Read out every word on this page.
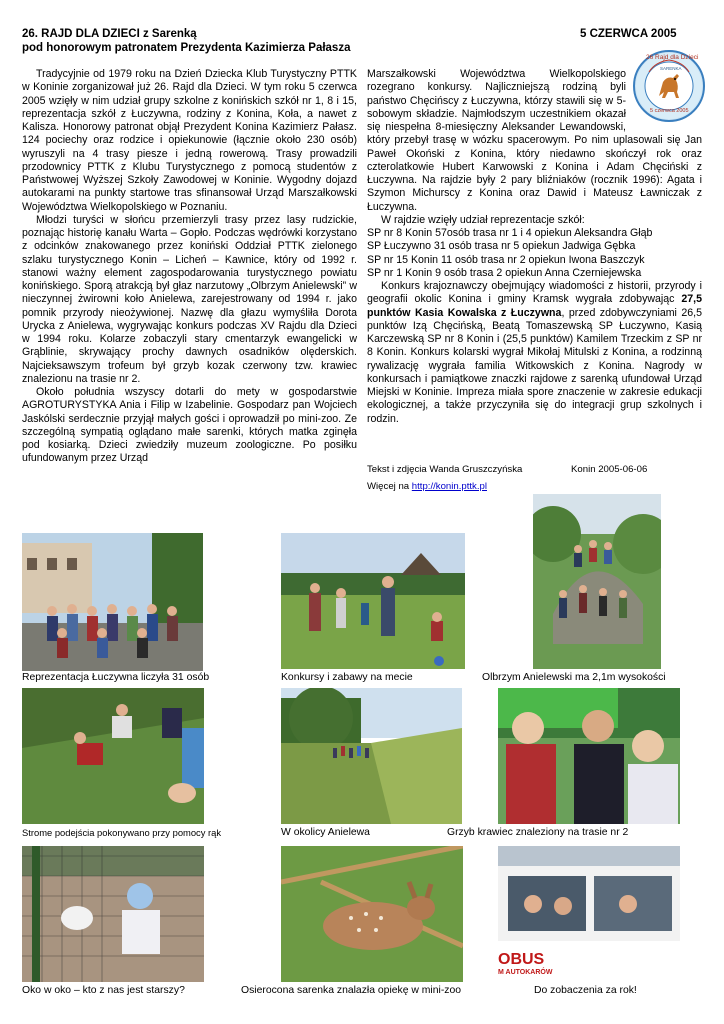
26. RAJD DLA DZIECI z Sarenką	5 CZERWCA 2005
pod honorowym patronatem Prezydenta Kazimierza Pałasza

Tradycyjnie od 1979 roku na Dzień Dziecka Klub Turystyczny PTTK w Koninie zorganizował już 26. Rajd dla Dzieci. W tym roku 5 czerwca 2005 wzięły w nim udział grupy szkolne z konińskich szkół nr 1, 8 i 15, reprezentacja szkół z Łuczywna, rodziny z Konina, Koła, a nawet z Kalisza. Honorowy patronat objął Prezydent Konina Kazimierz Pałasz. 124 pociechy oraz rodzice i opiekunowie (łącznie około 230 osób) wyruszyli na 4 trasy piesze i jedną rowerową. Trasy prowadzili przodownicy PTTK z Klubu Turystycznego z pomocą studentów z Państwowej Wyższej Szkoły Zawodowej w Koninie. Wygodny dojazd autokarami na punkty startowe tras sfinansował Urząd Marszałkowski Województwa Wielkopolskiego w Poznaniu.

Młodzi turyści w słońcu przemierzyli trasy przez lasy rudzickie, poznając historię kanału Warta – Gopło. Podczas wędrówki korzystano z odcinków znakowanego przez koniński Oddział PTTK zielonego szlaku turystycznego Konin – Licheń – Kawnice, który od 1992 r. stanowi ważny element zagospodarowania turystycznego powiatu konińskiego. Sporą atrakcją był głaz narzutowy „Olbrzym Anielewski” w nieczynnej żwirowni koło Anielewa, zarejestrowany od 1994 r. jako pomnik przyrody nieożywionej. Nazwę dla głazu wymyśliła Dorota Urycka z Anielewa, wygrywając konkurs podczas XV Rajdu dla Dzieci w 1994 roku. Kolarze zobaczyli stary cmentarzyk ewangelicki w Grąblinie, skrywający prochy dawnych osadników olęderskich. Najcieksawszym trofeum był grzyb kozak czerwony tzw. krawiec znalezionu na trasie nr 2.

Około południa wszyscy dotarli do mety w gospodarstwie AGROTURYSTYKA Ania i Filip w Izabelinie. Gospodarz pan Wojciech Jaskólski serdecznie przyjął małych gości i oprowadził po mini-zoo. Ze szczególną sympatią oglądano małe sarenki, których matka zginęła pod kosiarką. Dzieci zwiedziły muzeum zoologiczne. Po posiłku ufundowanym przez Urząd

26 Rajd dla Dzieci
5 czerwca 2005
SARENKA

Marszałkowski Województwa Wielkopolskiego rozegrano konkursy. Najliczniejszą rodziną byli państwo Chęcińscy z Łuczywna, którzy stawili się w 5-sobowym składzie. Najmłodszym uczestnikiem okazał się niespełna 8-miesięczny Aleksander Lewandowski, który przebył trasę w wózku spacerowym. Po nim uplasowali się Jan Paweł Okoński z Konina, który niedawno skończył rok oraz czterolatkowie Hubert Karwowski z Konina i Adam Chęciński z Łuczywna. Na rajdzie były 2 pary bliźniaków (rocznik 1996): Agata i Szymon Michurscy z Konina oraz Dawid i Mateusz Ławniczak z Łuczywna.

W rajdzie wzięły udział reprezentacje szkół:

SP nr 8 Konin 57osób trasa nr 1 i 4 opiekun Aleksandra Głąb

SP Łuczywno 31 osób trasa nr 5 opiekun Jadwiga Gębka

SP nr 15 Konin 11 osób trasa nr 2 opiekun Iwona Baszczyk

SP nr 1 Konin 9 osób trasa 2 opiekun Anna Czerniejewska

Konkurs krajoznawczy obejmujący wiadomości z historii, przyrody i geografii okolic Konina i gminy Kramsk wygrała zdobywając 27,5 punktów Kasia Kowalska z Łuczywna, przed zdobywczyniami 26,5 punktów Izą Chęcińską, Beatą Tomaszewską SP Łuczywno, Kasią Karczewską SP nr 8 Konin i (25,5 punktów) Kamilem Trzeckim z SP nr 8 Konin. Konkurs kolarski wygrał Mikołaj Mitulski z Konina, a rodzinną rywalizację wygrała familia Witkowskich z Konina. Nagrody w konkursach i pamiątkowe znaczki rajdowe z sarenką ufundował Urząd Miejski w Koninie. Impreza miała spore znaczenie w zakresie edukacji ekologicznej, a także przyczyniła się do integracji grup szkolnych i rodzin.

Tekst i zdjęcia Wanda Gruszczyńska	Konin 2005-06-06
Więcej na http://konin.pttk.pl
Reprezentacja Łuczywna liczyła 31 osób	Konkursy i zabawy na mecie	Olbrzym Anielewski ma 2,1m wysokości
Strome podejścia pokonywano przy pomocy rąk	W okolicy Anielewa	Grzyb krawiec znaleziony na trasie nr 2
OBUS
M AUTOKARÓW
Oko w oko – kto z nas jest starszy?	Osierocona sarenka znalazła opiekę w mini-zoo	Do zobaczenia za rok!
